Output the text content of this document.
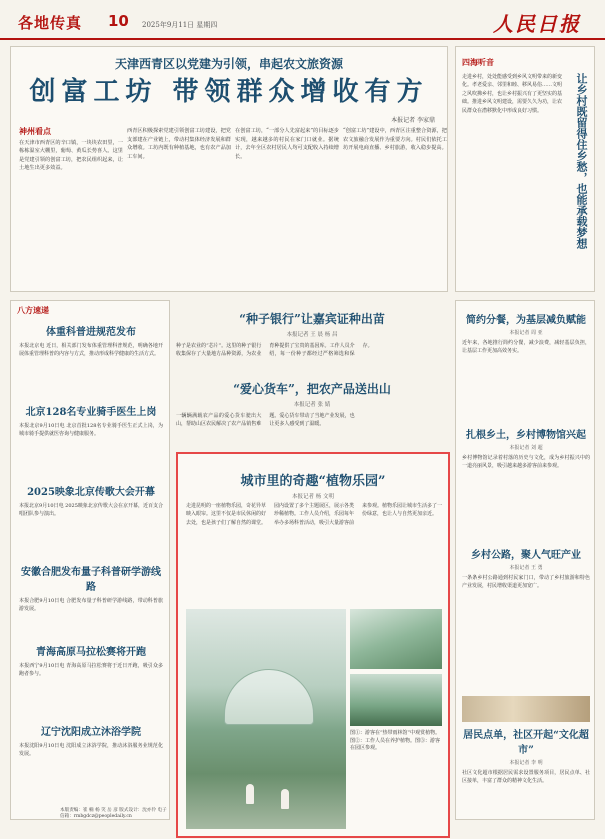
各地传真 10 2025年9月11日 星期四	人民日报
天津西青区以党建为引领，串起农文旅资源
创富工坊 带领群众增收有方
本报记者 李家鼎
神州看点
在天津市西青区的辛口镇，一块块农田里，一栋栋温室大棚里，葡萄、黄瓜长势喜人。这里是党建引领的创富工坊，把农民组织起来，让土地生出更多效益。
西青区积极探索党建引领创富工坊建设，把党支部建在产业链上，带动村集体经济发展和群众增收。工坊内既有种植基地，也有农产品加工车间。
在创富工坊，“一部分人先富起来”的目标逐步实现，越来越多的村民在家门口就业。据统计，去年全区农村居民人均可支配收入持续增长。
“创富工坊”建设中，西青区注重整合资源，把农文旅融合发展作为重要方向。村民们依托工坊开展电商直播、乡村旅游，收入稳步提高。
四海听音
走进乡村，处处能感受到乡风文明带来的新变化。孝老爱亲、邻里和睦、移风易俗……文明之风吹拂乡村，也让乡村振兴有了更坚实的基础。推进乡风文明建设，需要久久为功，让农民群众在潜移默化中形成良好习惯。	让乡村既留得住乡愁，也能承载梦想
八方速递
体重科普进规范发布
本报北京电 近日，相关部门发布体重管理科普规范，明确各地开展体重管理科普的内容与方式，推动形成科学健康的生活方式。
北京128名专业骑手医生上岗
本报北京9月10日电 北京首批128名专业骑手医生正式上岗，为城市骑手提供就医咨询与健康服务。
2025映象北京传歌大会开幕
本报北京9月10日电 2025映象北京传歌大会在京开幕，近百支合唱团队参与演出。
安徽合肥发布量子科普研学游线路
本报合肥9月10日电 合肥发布量子科普研学游线路，带动科普旅游发展。
青海高原马拉松赛将开跑
本报西宁9月10日电 青海高原马拉松赛将于近日开跑，吸引众多跑者参与。
辽宁沈阳成立沐浴学院
本报沈阳9月10日电 沈阳成立沐浴学院，推动沐浴服务业规范化发展。
本版责编：崔 楠 杨 笑 岳 彦 版式设计：沈亦伶 电子信箱：rmbgdcz@peopledaily.cn
“种子银行”让嘉宾证种出苗
本报记者 王 晨 杨 昌
种子是农业的“芯片”。这里的种子银行收集保存了大量地方品种资源，为农业育种提供了宝贵的基因库。工作人员介绍，每一份种子都经过严格筛选和保存。
“爱心货车”，把农产品送出山
本报记者 张 婧
一辆辆满载农产品的爱心货车驶出大山，帮助山区农民解决了农产品销售难题。爱心货车带动了当地产业发展，也让更多人感受到了温暖。
城市里的奇趣“植物乐园”
本报记者 杨 文明
走进昆明的一座植物乐园，奇花异草映入眼帘。这里不仅是市民休闲的好去处，也是孩子们了解自然的课堂。园内设置了多个主题展区，展示各类珍稀植物。工作人员介绍，乐园每年举办多场科普活动，吸引大量游客前来参观。植物乐园让城市生活多了一份绿意，也让人与自然更加亲近。
图①：游客在“热带雨林馆”中观赏植物。图②：工作人员在养护植物。图③：游客在园区参观。
简约分餐，为基层减负赋能
本报记者 周 亚
近年来，各地推行简约分餐，减少浪费，减轻基层负担，让基层工作更加高效务实。
扎根乡土，乡村博物馆兴起
本报记者 刘 超
乡村博物馆记录着村落的历史与文化，成为乡村振兴中的一道亮丽风景，吸引越来越多游客前来参观。
乡村公路，聚人气旺产业
本报记者 王 勇
一条条乡村公路通到村民家门口，带动了乡村旅游和特色产业发展，村民增收渠道更加宽广。
居民点单，社区开起“文化超市”
本报记者 李 明
社区文化超市根据居民需求设置服务项目，居民点单、社区接单，丰富了群众的精神文化生活。
